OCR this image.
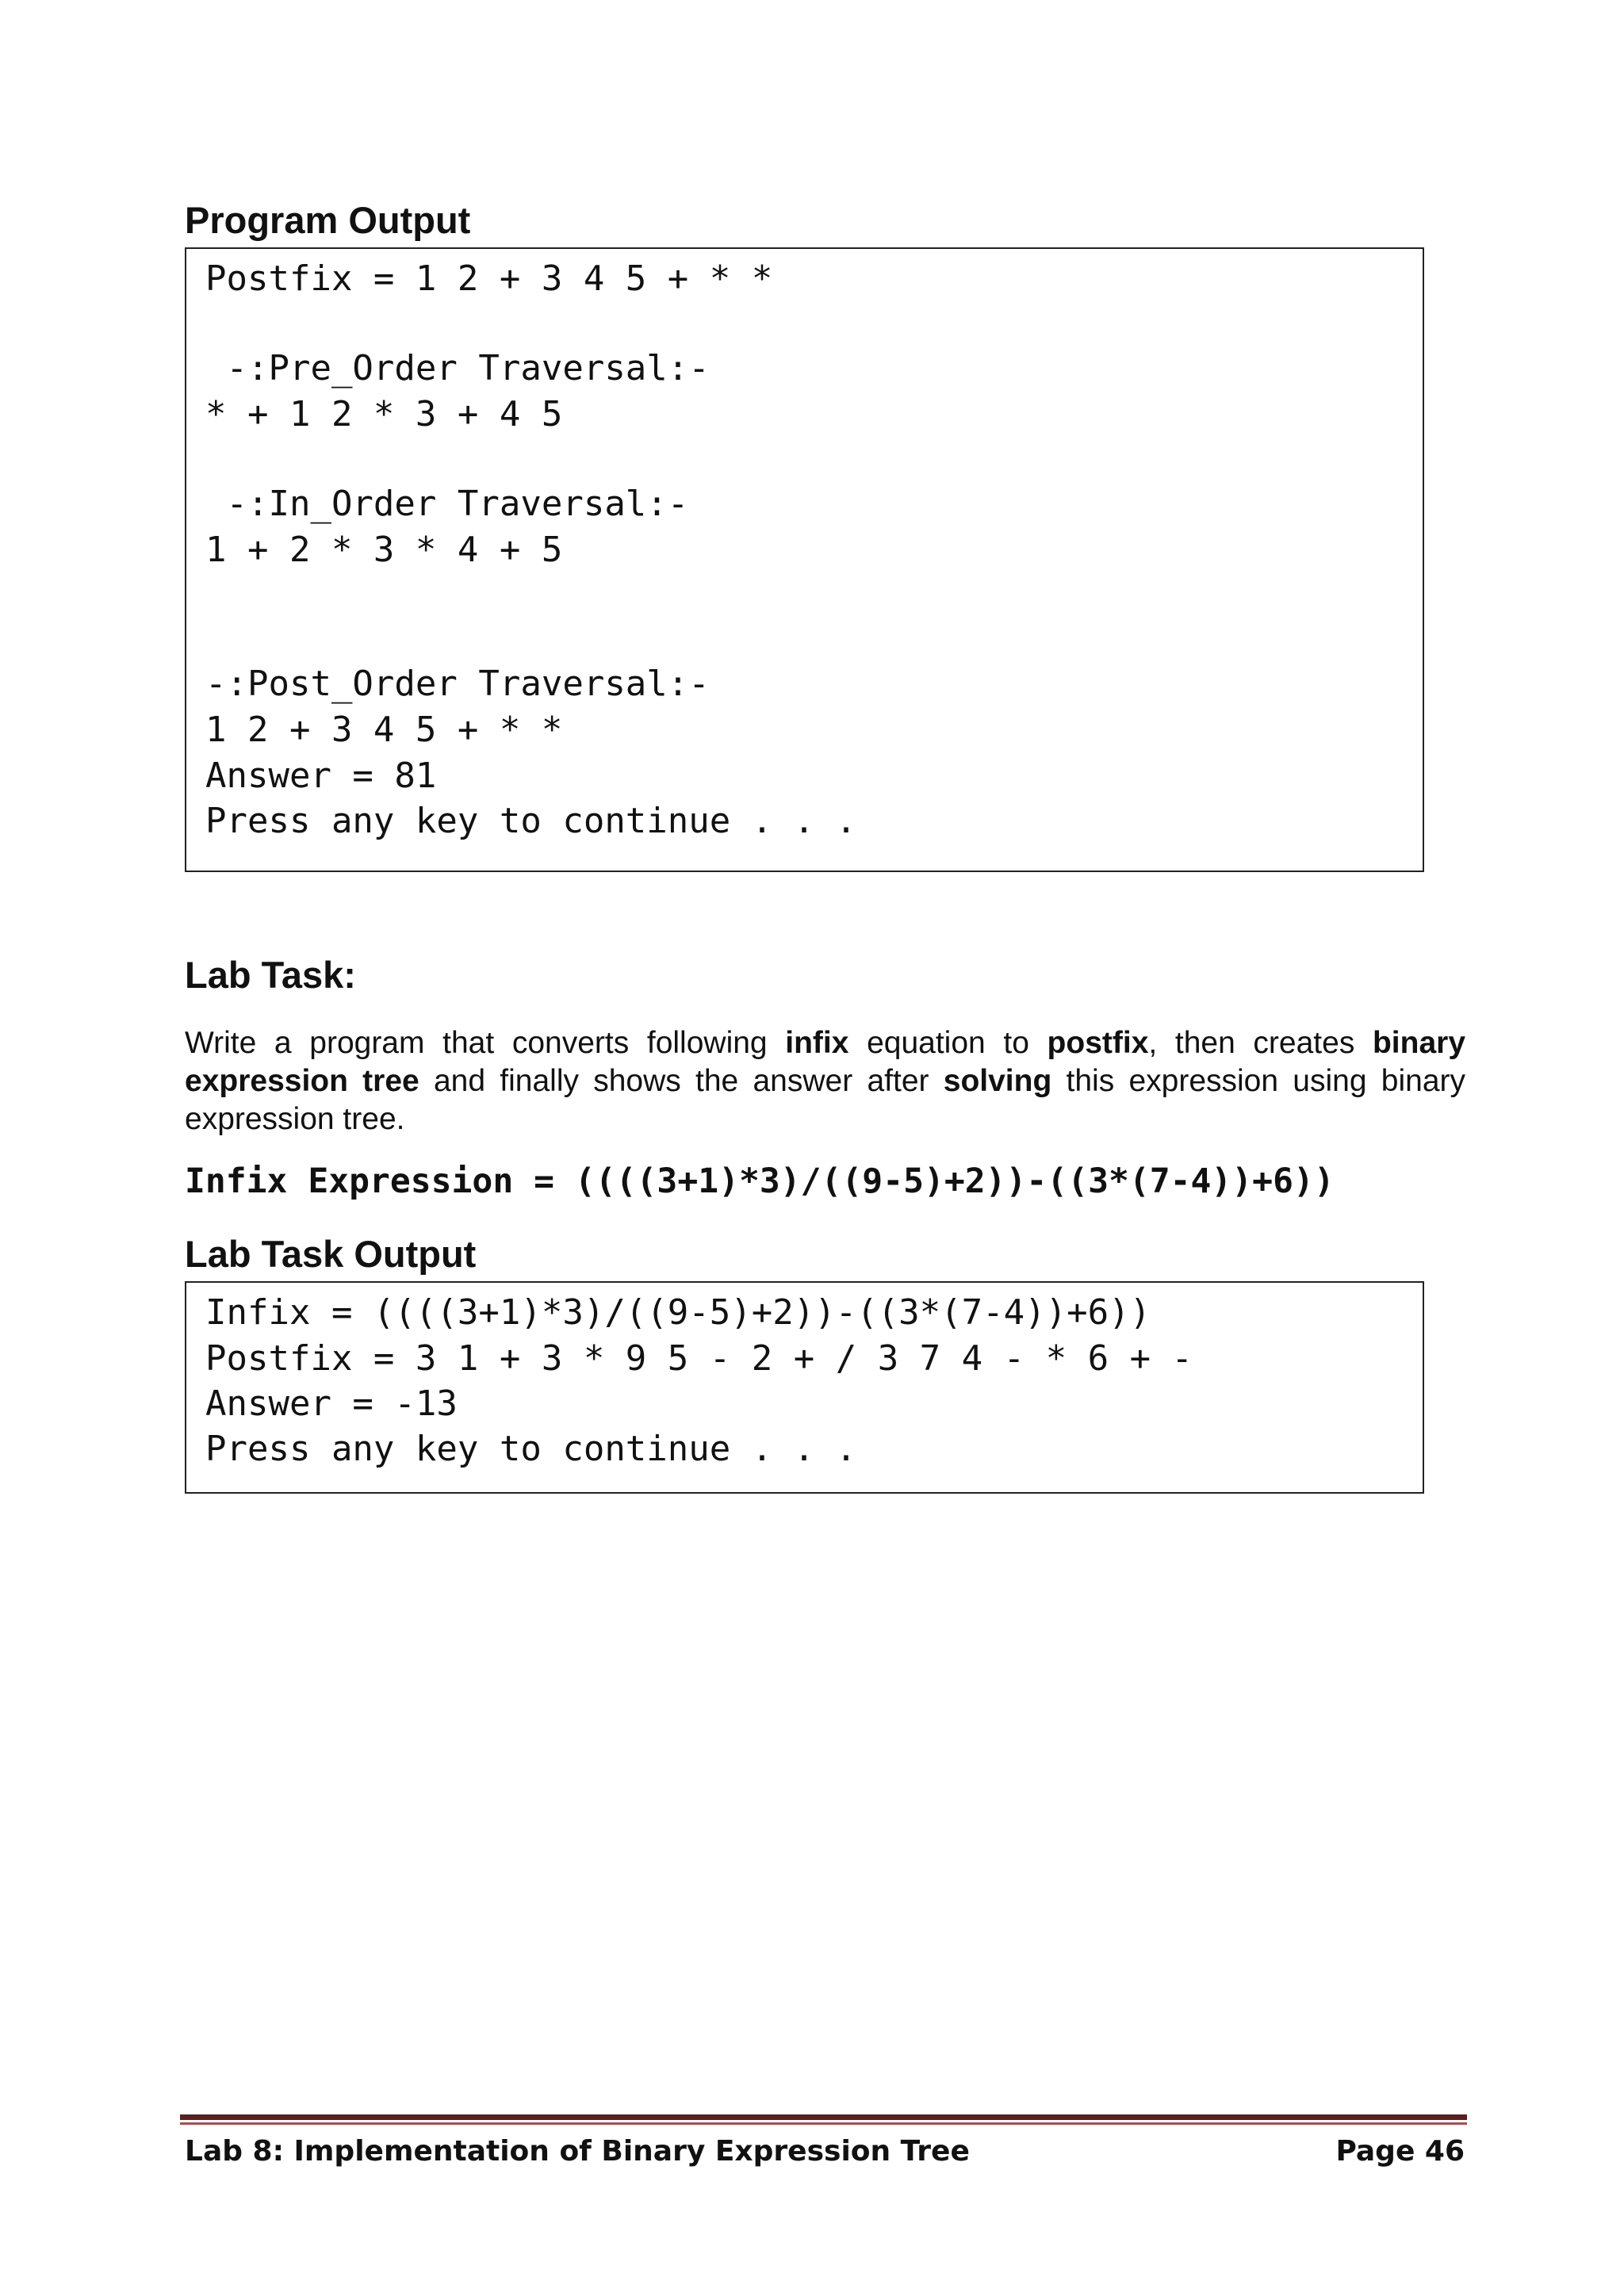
Program Output
Postfix = 1 2 + 3 4 5 + * *
-:Pre_Order Traversal:-
* + 1 2 * 3 + 4 5
-:In_Order Traversal:-
1 + 2 * 3 * 4 + 5
-:Post_Order Traversal:-
1 2 + 3 4 5 + * *
Answer = 81
Press any key to continue . . .
Lab Task:

Write a program that converts following infix equation to postfix, then creates binary expression tree and finally shows the answer after solving this expression using binary expression tree.

Infix Expression = ((((3+1)*3)/((9-5)+2))-((3*(7-4))+6))
Lab Task Output
Infix = ((((3+1)*3)/((9-5)+2))-((3*(7-4))+6))
Postfix = 3 1 + 3 * 9 5 - 2 + / 3 7 4 - * 6 + -
Answer = -13
Press any key to continue . . .
Lab 8: Implementation of Binary Expression Tree	Page 46
